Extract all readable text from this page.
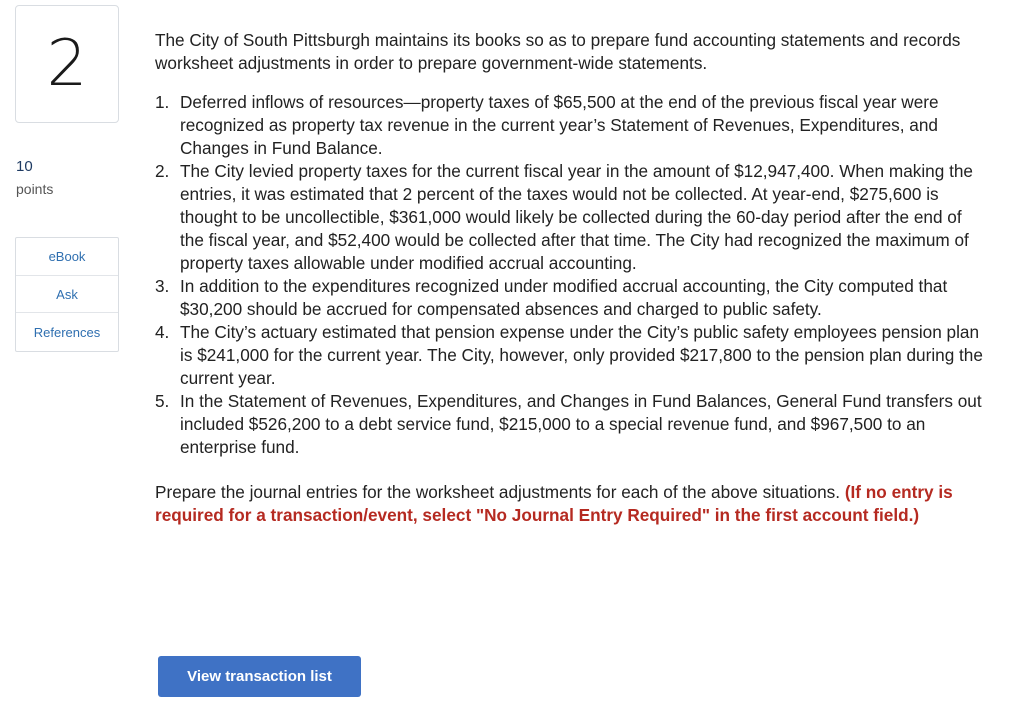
2
10
points
eBook
Ask
References

The City of South Pittsburgh maintains its books so as to prepare fund accounting statements and records worksheet adjustments in order to prepare government-wide statements.

1. Deferred inflows of resources—property taxes of $65,500 at the end of the previous fiscal year were recognized as property tax revenue in the current year’s Statement of Revenues, Expenditures, and Changes in Fund Balance.
2. The City levied property taxes for the current fiscal year in the amount of $12,947,400. When making the entries, it was estimated that 2 percent of the taxes would not be collected. At year-end, $275,600 is thought to be uncollectible, $361,000 would likely be collected during the 60-day period after the end of the fiscal year, and $52,400 would be collected after that time. The City had recognized the maximum of property taxes allowable under modified accrual accounting.
3. In addition to the expenditures recognized under modified accrual accounting, the City computed that $30,200 should be accrued for compensated absences and charged to public safety.
4. The City’s actuary estimated that pension expense under the City’s public safety employees pension plan is $241,000 for the current year. The City, however, only provided $217,800 to the pension plan during the current year.
5. In the Statement of Revenues, Expenditures, and Changes in Fund Balances, General Fund transfers out included $526,200 to a debt service fund, $215,000 to a special revenue fund, and $967,500 to an enterprise fund.

Prepare the journal entries for the worksheet adjustments for each of the above situations. (If no entry is required for a transaction/event, select "No Journal Entry Required" in the first account field.)

View transaction list
